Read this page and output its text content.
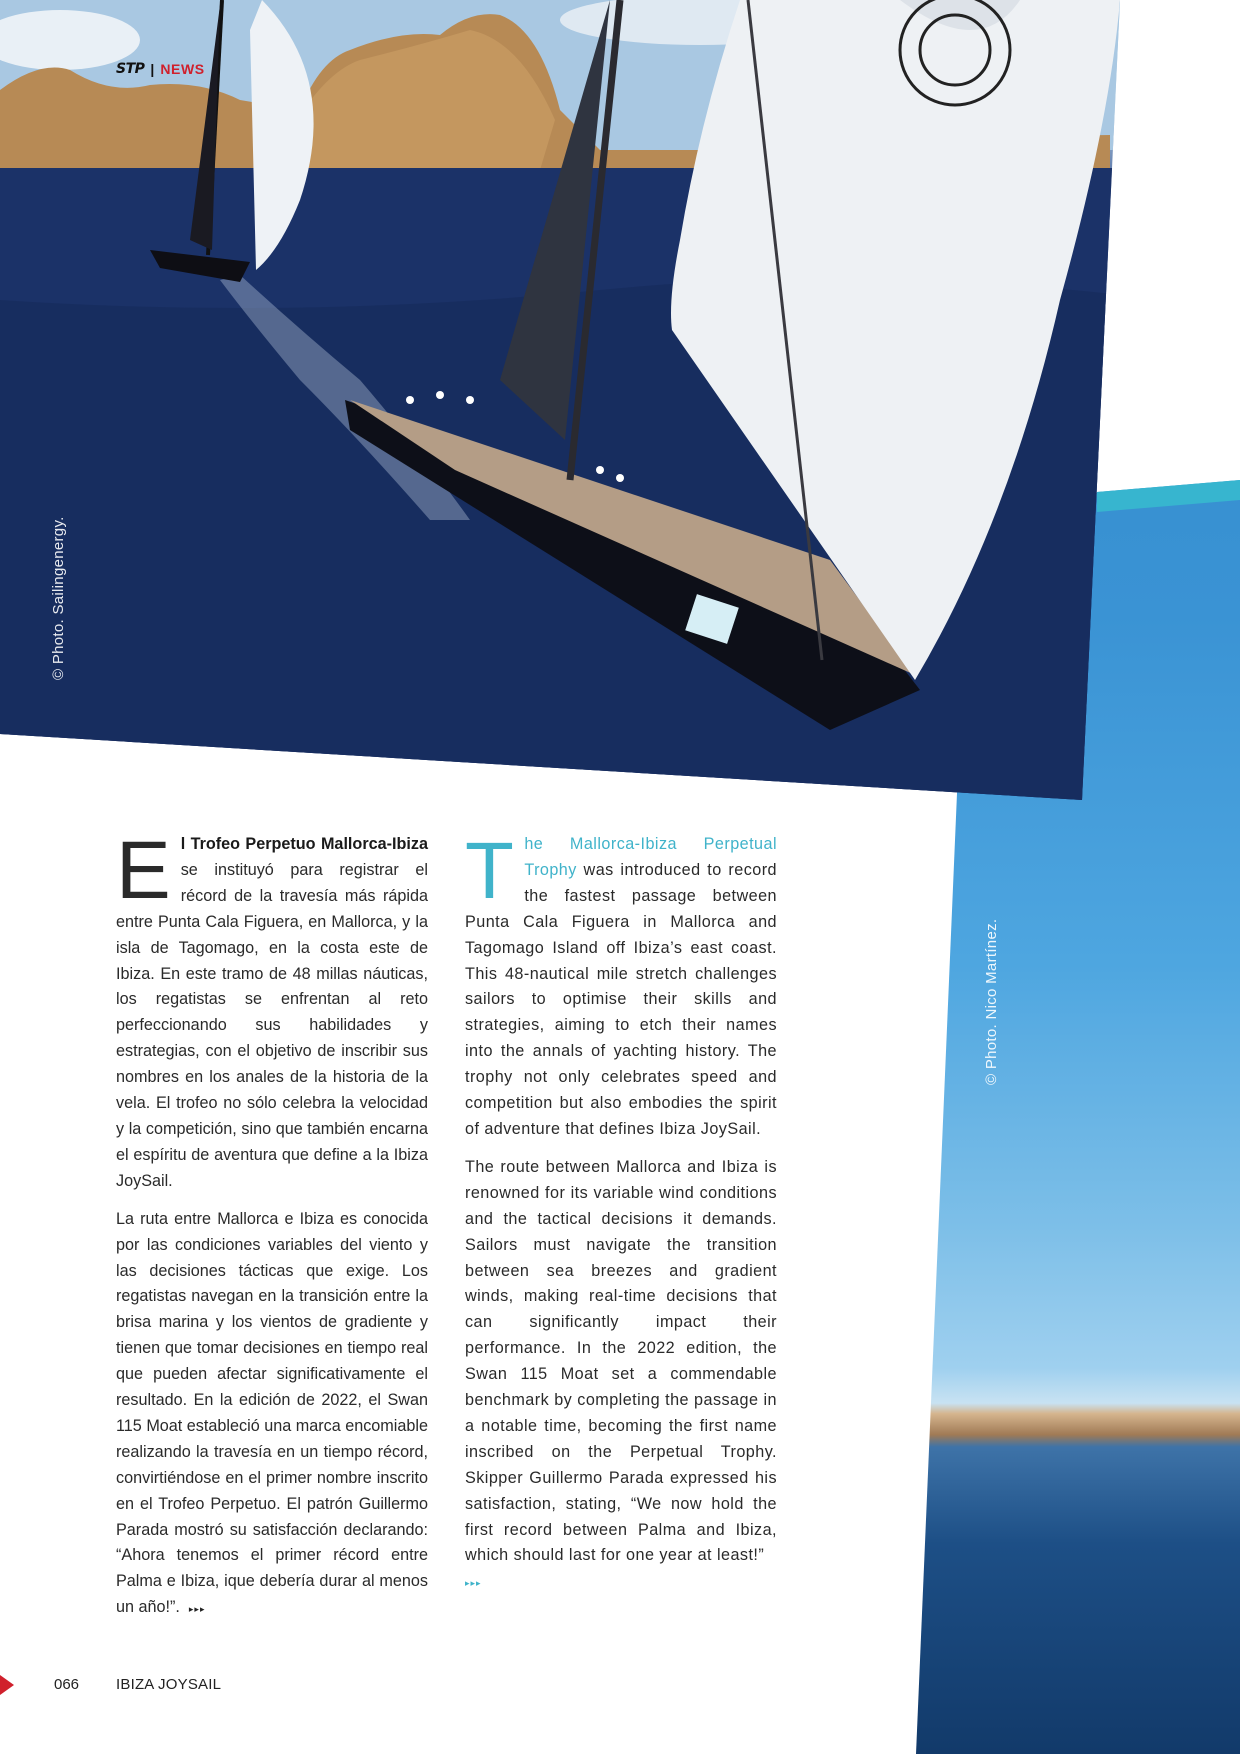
© Photo. Sailingenergy.
© Photo. Nico Martínez.
STP | NEWS

El Trofeo Perpetuo Mallorca-Ibiza se instituyó para registrar el récord de la travesía más rápida entre Punta Cala Figuera, en Mallorca, y la isla de Tagomago, en la costa este de Ibiza. En este tramo de 48 millas náuticas, los regatistas se enfrentan al reto perfeccionando sus habilidades y estrategias, con el objetivo de inscribir sus nombres en los anales de la historia de la vela. El trofeo no sólo celebra la velocidad y la competición, sino que también encarna el espíritu de aventura que define a la Ibiza JoySail.

La ruta entre Mallorca e Ibiza es conocida por las condiciones variables del viento y las decisiones tácticas que exige. Los regatistas navegan en la transición entre la brisa marina y los vientos de gradiente y tienen que tomar decisiones en tiempo real que pueden afectar significativamente el resultado. En la edición de 2022, el Swan 115 Moat estableció una marca encomiable realizando la travesía en un tiempo récord, convirtiéndose en el primer nombre inscrito en el Trofeo Perpetuo. El patrón Guillermo Parada mostró su satisfacción declarando: “Ahora tenemos el primer récord entre Palma e Ibiza, ique debería durar al menos un año!”. ▸▸▸

The Mallorca-Ibiza Perpetual Trophy was introduced to record the fastest passage between Punta Cala Figuera in Mallorca and Tagomago Island off Ibiza’s east coast. This 48-nautical mile stretch challenges sailors to optimise their skills and strategies, aiming to etch their names into the annals of yachting history. The trophy not only celebrates speed and competition but also embodies the spirit of adventure that defines Ibiza JoySail.

The route between Mallorca and Ibiza is renowned for its variable wind conditions and the tactical decisions it demands. Sailors must navigate the transition between sea breezes and gradient winds, making real-time decisions that can significantly impact their performance. In the 2022 edition, the Swan 115 Moat set a commendable benchmark by completing the passage in a notable time, becoming the first name inscribed on the Perpetual Trophy. Skipper Guillermo Parada expressed his satisfaction, stating, “We now hold the first record between Palma and Ibiza, which should last for one year at least!”
▸▸▸

066 IBIZA JOYSAIL
